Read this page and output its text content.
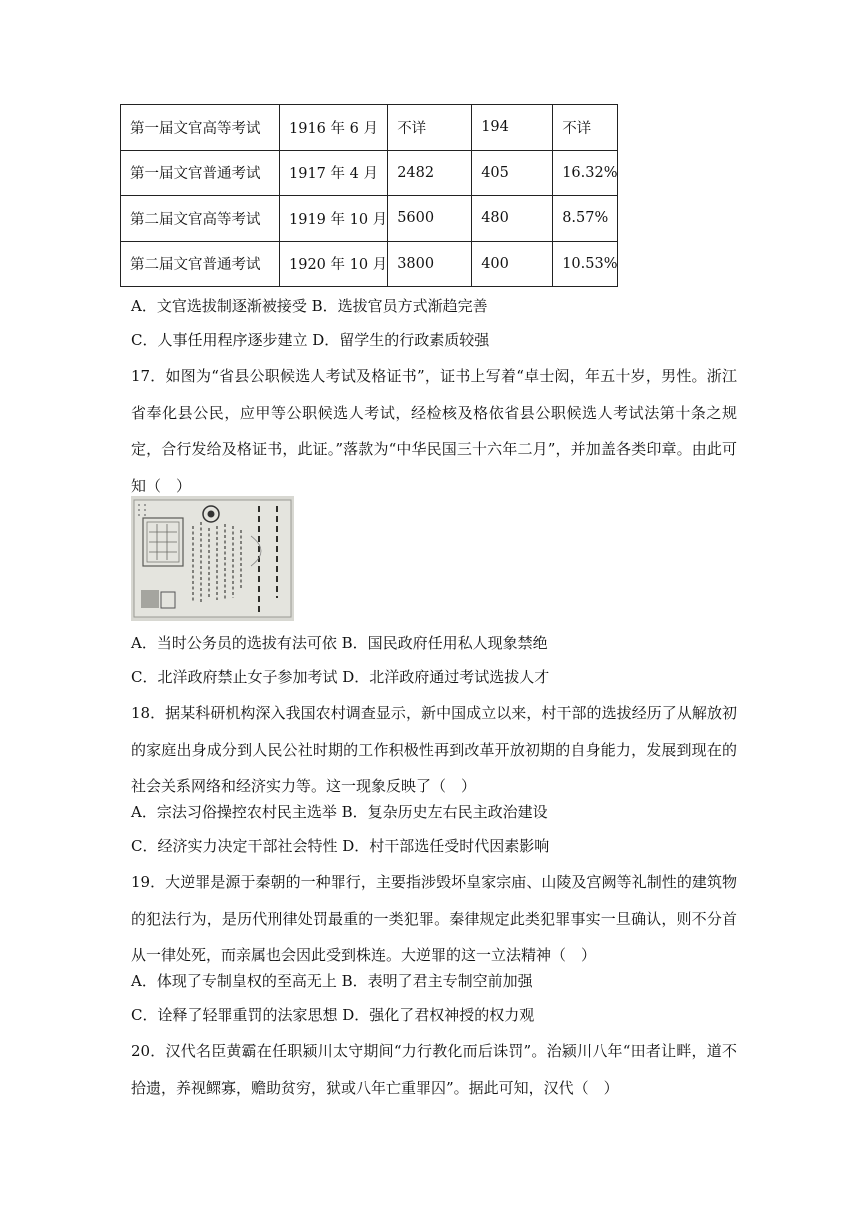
第一届文官高等考试	1916 年 6 月	不详	194	不详
第一届文官普通考试	1917 年 4 月	2482	405	16.32%
第二届文官高等考试	1919 年 10 月	5600	480	8.57%
第二届文官普通考试	1920 年 10 月	3800	400	10.53%
A．文官选拔制逐渐被接受 B．选拔官员方式渐趋完善
C．人事任用程序逐步建立 D．留学生的行政素质较强
17．如图为“省县公职候选人考试及格证书”，证书上写着“卓士闳，年五十岁，男性。浙江省奉化县公民，应甲等公职候选人考试，经检核及格依省县公职候选人考试法第十条之规定，合行发给及格证书，此证。”落款为“中华民国三十六年二月”，并加盖各类印章。由此可知（　）
A．当时公务员的选拔有法可依 B．国民政府任用私人现象禁绝
C．北洋政府禁止女子参加考试 D．北洋政府通过考试选拔人才
18．据某科研机构深入我国农村调查显示，新中国成立以来，村干部的选拔经历了从解放初的家庭出身成分到人民公社时期的工作积极性再到改革开放初期的自身能力，发展到现在的社会关系网络和经济实力等。这一现象反映了（　）
A．宗法习俗操控农村民主选举 B．复杂历史左右民主政治建设
C．经济实力决定干部社会特性 D．村干部选任受时代因素影响
19．大逆罪是源于秦朝的一种罪行，主要指涉毁坏皇家宗庙、山陵及宫阙等礼制性的建筑物的犯法行为，是历代刑律处罚最重的一类犯罪。秦律规定此类犯罪事实一旦确认，则不分首从一律处死，而亲属也会因此受到株连。大逆罪的这一立法精神（　）
A．体现了专制皇权的至高无上 B．表明了君主专制空前加强
C．诠释了轻罪重罚的法家思想 D．强化了君权神授的权力观
20．汉代名臣黄霸在任职颍川太守期间“力行教化而后诛罚”。治颍川八年“田者让畔，道不拾遗，养视鳏寡，赡助贫穷，狱或八年亡重罪囚”。据此可知，汉代（　）
